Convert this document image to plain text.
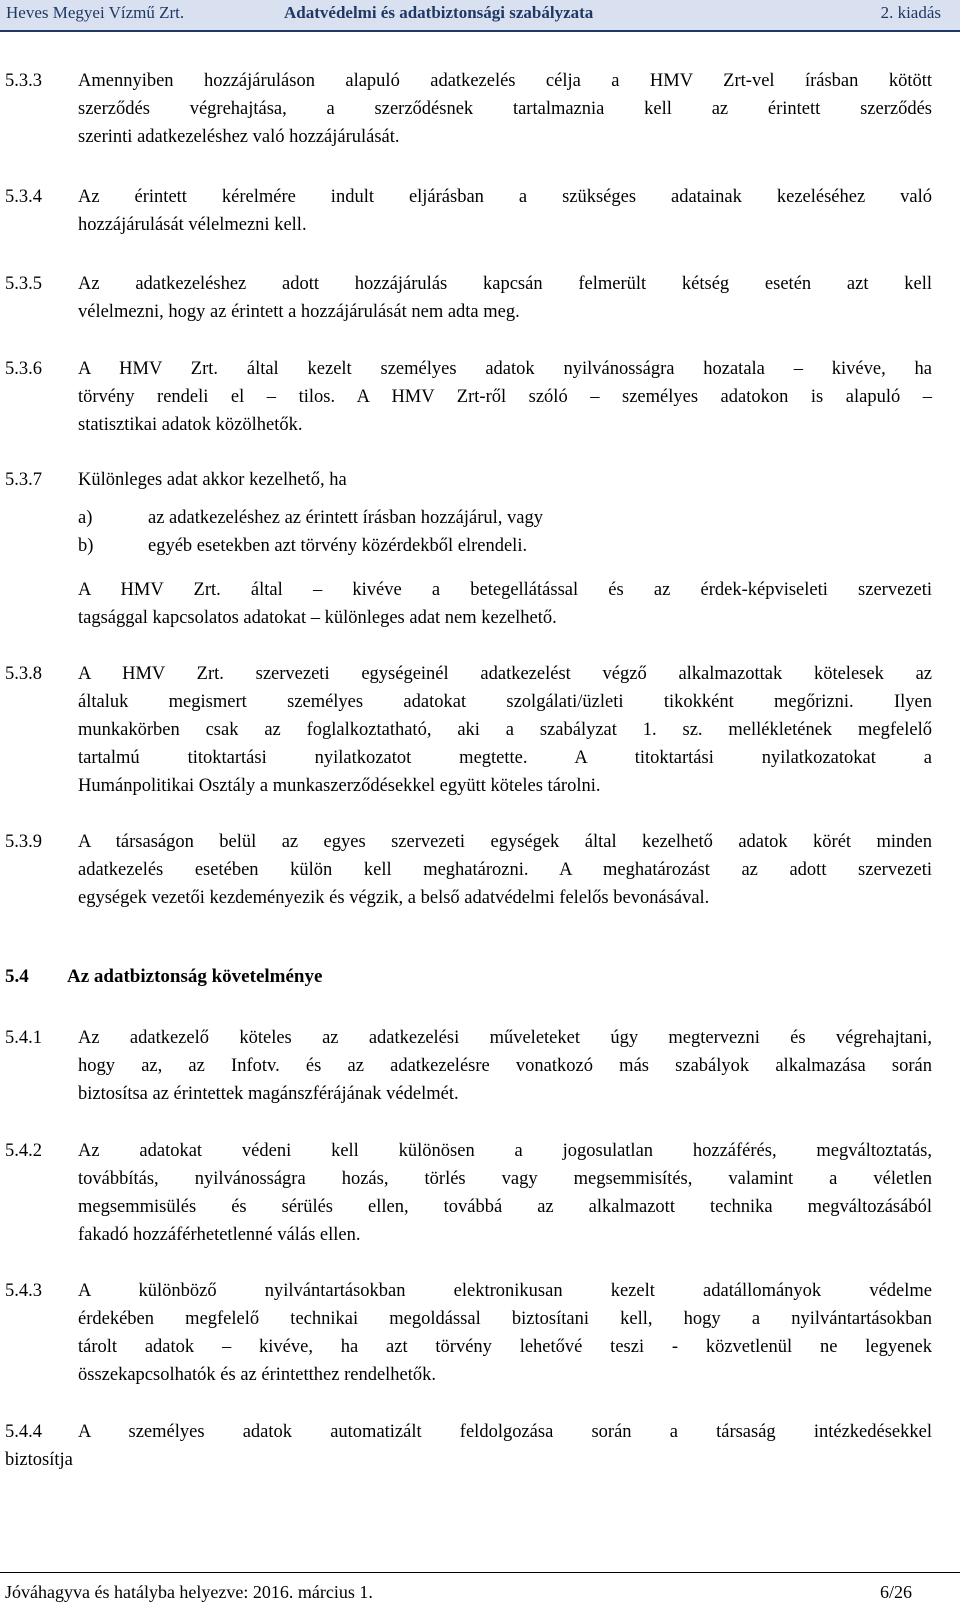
Heves Megyei Vízmű Zrt.	Adatvédelmi és adatbiztonsági szabályzata	2. kiadás
5.3.3 Amennyiben hozzájáruláson alapuló adatkezelés célja a HMV Zrt-vel írásban kötött
szerződés végrehajtása, a szerződésnek tartalmaznia kell az érintett szerződés
szerinti adatkezeléshez való hozzájárulását.
5.3.4 Az érintett kérelmére indult eljárásban a szükséges adatainak kezeléséhez való
hozzájárulását vélelmezni kell.
5.3.5 Az adatkezeléshez adott hozzájárulás kapcsán felmerült kétség esetén azt kell
vélelmezni, hogy az érintett a hozzájárulását nem adta meg.
5.3.6 A HMV Zrt. által kezelt személyes adatok nyilvánosságra hozatala – kivéve, ha
törvény rendeli el – tilos. A HMV Zrt-ről szóló – személyes adatokon is alapuló –
statisztikai adatok közölhetők.
5.3.7 Különleges adat akkor kezelhető, ha
a)	az adatkezeléshez az érintett írásban hozzájárul, vagy
b)	egyéb esetekben azt törvény közérdekből elrendeli.
A HMV Zrt. által – kivéve a betegellátással és az érdek-képviseleti szervezeti
tagsággal kapcsolatos adatokat – különleges adat nem kezelhető.
5.3.8 A HMV Zrt. szervezeti egységeinél adatkezelést végző alkalmazottak kötelesek az
általuk megismert személyes adatokat szolgálati/üzleti tikokként megőrizni. Ilyen
munkakörben csak az foglalkoztatható, aki a szabályzat 1. sz. mellékletének megfelelő
tartalmú titoktartási nyilatkozatot megtette. A titoktartási nyilatkozatokat a
Humánpolitikai Osztály a munkaszerződésekkel együtt köteles tárolni.
5.3.9 A társaságon belül az egyes szervezeti egységek által kezelhető adatok körét minden
adatkezelés esetében külön kell meghatározni. A meghatározást az adott szervezeti
egységek vezetői kezdeményezik és végzik, a belső adatvédelmi felelős bevonásával.
5.4 Az adatbiztonság követelménye
5.4.1 Az adatkezelő köteles az adatkezelési műveleteket úgy megtervezni és végrehajtani,
hogy az, az Infotv. és az adatkezelésre vonatkozó más szabályok alkalmazása során
biztosítsa az érintettek magánszférájának védelmét.
5.4.2 Az adatokat védeni kell különösen a jogosulatlan hozzáférés, megváltoztatás,
továbbítás, nyilvánosságra hozás, törlés vagy megsemmisítés, valamint a véletlen
megsemmisülés és sérülés ellen, továbbá az alkalmazott technika megváltozásából
fakadó hozzáférhetetlenné válás ellen.
5.4.3 A különböző nyilvántartásokban elektronikusan kezelt adatállományok védelme
érdekében megfelelő technikai megoldással biztosítani kell, hogy a nyilvántartásokban
tárolt adatok – kivéve, ha azt törvény lehetővé teszi - közvetlenül ne legyenek
összekapcsolhatók és az érintetthez rendelhetők.
5.4.4 A személyes adatok automatizált feldolgozása során a társaság intézkedésekkel
biztosítja
Jóváhagyva és hatályba helyezve: 2016. március 1.	6/26
